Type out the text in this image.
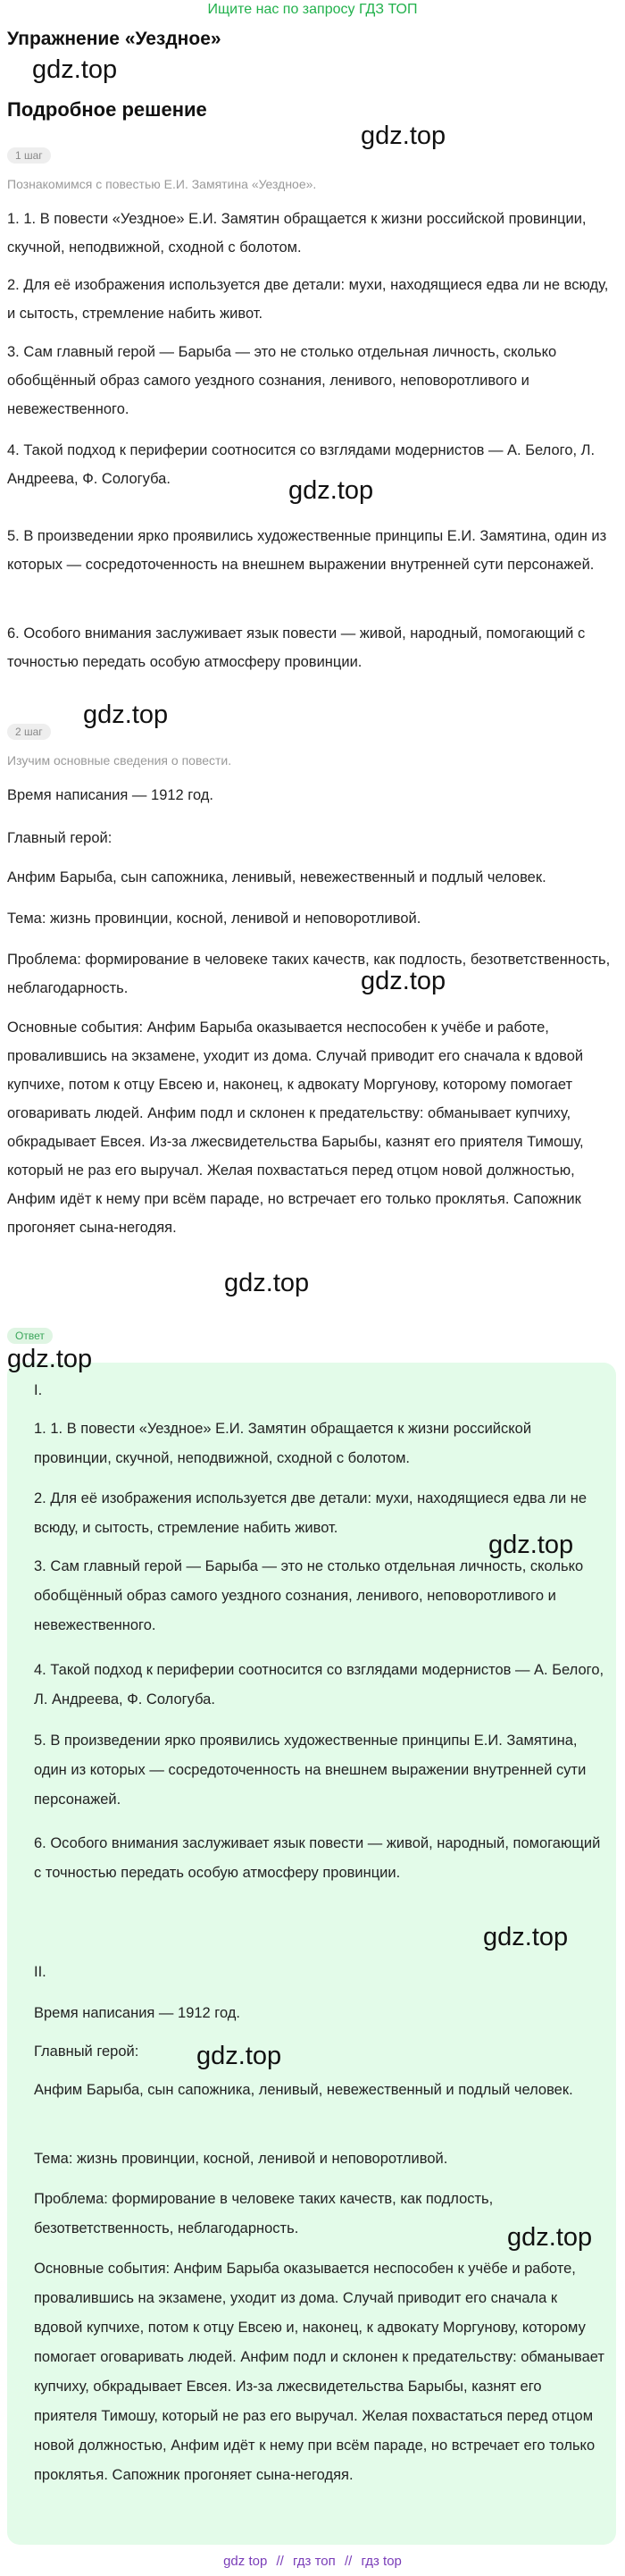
Ищите нас по запросу ГДЗ ТОП
Упражнение «Уездное»
gdz.top
gdz.top
gdz.top
gdz.top
gdz.top
gdz.top
Подробное решение
1 шаг
Познакомимся с повестью Е.И. Замятина «Уездное».
1. 1. В повести «Уездное» Е.И. Замятин обращается к жизни российской провинции, скучной, неподвижной, сходной с болотом.
2. Для её изображения используется две детали: мухи, находящиеся едва ли не всюду, и сытость, стремление набить живот.
3. Сам главный герой — Барыба — это не столько отдельная личность, сколько обобщённый образ самого уездного сознания, ленивого, неповоротливого и невежественного.
4. Такой подход к периферии соотносится со взглядами модернистов — А. Белого, Л. Андреева, Ф. Сологуба.
5. В произведении ярко проявились художественные принципы Е.И. Замятина, один из которых — сосредоточенность на внешнем выражении внутренней сути персонажей.
6. Особого внимания заслуживает язык повести — живой, народный, помогающий с точностью передать особую атмосферу провинции.
2 шаг
Изучим основные сведения о повести.
Время написания — 1912 год.
Главный герой:
Анфим Барыба, сын сапожника, ленивый, невежественный и подлый человек.
Тема: жизнь провинции, косной, ленивой и неповоротливой.
Проблема: формирование в человеке таких качеств, как подлость, безответственность, неблагодарность.
Основные события: Анфим Барыба оказывается неспособен к учёбе и работе, провалившись на экзамене, уходит из дома. Случай приводит его сначала к вдовой купчихе, потом к отцу Евсею и, наконец, к адвокату Моргунову, которому помогает оговаривать людей. Анфим подл и склонен к предательству: обманывает купчиху, обкрадывает Евсея. Из-за лжесвидетельства Барыбы, казнят его приятеля Тимошу, который не раз его выручал. Желая похвастаться перед отцом новой должностью, Анфим идёт к нему при всём параде, но встречает его только проклятья. Сапожник прогоняет сына-негодяя.
Ответ
I.
1. 1. В повести «Уездное» Е.И. Замятин обращается к жизни российской провинции, скучной, неподвижной, сходной с болотом.
2. Для её изображения используется две детали: мухи, находящиеся едва ли не всюду, и сытость, стремление набить живот.
3. Сам главный герой — Барыба — это не столько отдельная личность, сколько обобщённый образ самого уездного сознания, ленивого, неповоротливого и невежественного.
4. Такой подход к периферии соотносится со взглядами модернистов — А. Белого, Л. Андреева, Ф. Сологуба.
5. В произведении ярко проявились художественные принципы Е.И. Замятина, один из которых — сосредоточенность на внешнем выражении внутренней сути персонажей.
6. Особого внимания заслуживает язык повести — живой, народный, помогающий с точностью передать особую атмосферу провинции.
II.
Время написания — 1912 год.
Главный герой:
Анфим Барыба, сын сапожника, ленивый, невежественный и подлый человек.
Тема: жизнь провинции, косной, ленивой и неповоротливой.
Проблема: формирование в человеке таких качеств, как подлость, безответственность, неблагодарность.
Основные события: Анфим Барыба оказывается неспособен к учёбе и работе, провалившись на экзамене, уходит из дома. Случай приводит его сначала к вдовой купчихе, потом к отцу Евсею и, наконец, к адвокату Моргунову, которому помогает оговаривать людей. Анфим подл и склонен к предательству: обманывает купчиху, обкрадывает Евсея. Из-за лжесвидетельства Барыбы, казнят его приятеля Тимошу, который не раз его выручал. Желая похвастаться перед отцом новой должностью, Анфим идёт к нему при всём параде, но встречает его только проклятья. Сапожник прогоняет сына-негодяя.
gdz.top
gdz.top
gdz.top
gdz.top
gdz.top
gdz top // гдз топ // гдз top
